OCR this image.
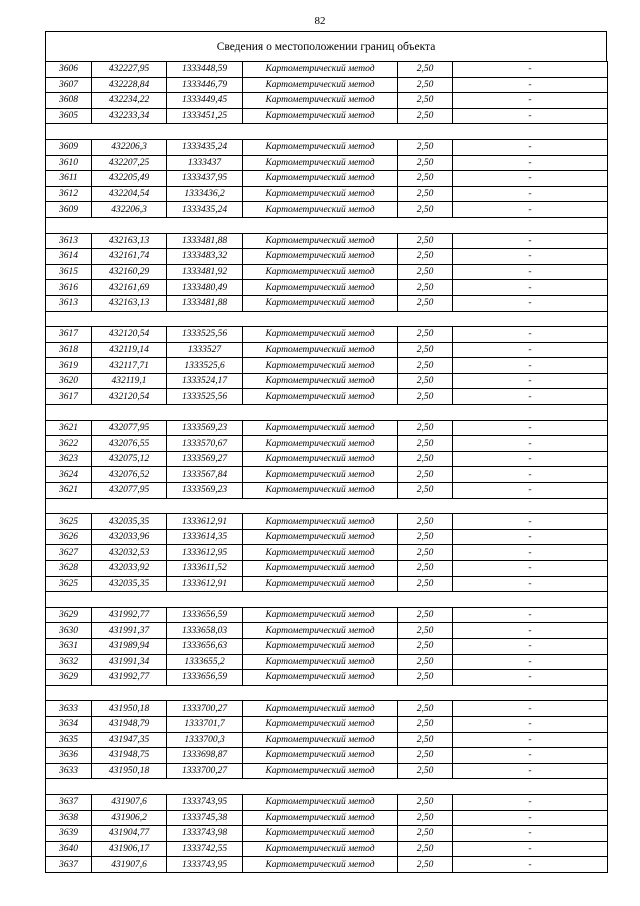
82
Сведения о местоположении границ объекта
3606	432227,95	1333448,59	Картометрический метод	2,50	-
3607	432228,84	1333446,79	Картометрический метод	2,50	-
3608	432234,22	1333449,45	Картометрический метод	2,50	-
3605	432233,34	1333451,25	Картометрический метод	2,50	-

3609	432206,3	1333435,24	Картометрический метод	2,50	-
3610	432207,25	1333437	Картометрический метод	2,50	-
3611	432205,49	1333437,95	Картометрический метод	2,50	-
3612	432204,54	1333436,2	Картометрический метод	2,50	-
3609	432206,3	1333435,24	Картометрический метод	2,50	-

3613	432163,13	1333481,88	Картометрический метод	2,50	-
3614	432161,74	1333483,32	Картометрический метод	2,50	-
3615	432160,29	1333481,92	Картометрический метод	2,50	-
3616	432161,69	1333480,49	Картометрический метод	2,50	-
3613	432163,13	1333481,88	Картометрический метод	2,50	-

3617	432120,54	1333525,56	Картометрический метод	2,50	-
3618	432119,14	1333527	Картометрический метод	2,50	-
3619	432117,71	1333525,6	Картометрический метод	2,50	-
3620	432119,1	1333524,17	Картометрический метод	2,50	-
3617	432120,54	1333525,56	Картометрический метод	2,50	-

3621	432077,95	1333569,23	Картометрический метод	2,50	-
3622	432076,55	1333570,67	Картометрический метод	2,50	-
3623	432075,12	1333569,27	Картометрический метод	2,50	-
3624	432076,52	1333567,84	Картометрический метод	2,50	-
3621	432077,95	1333569,23	Картометрический метод	2,50	-

3625	432035,35	1333612,91	Картометрический метод	2,50	-
3626	432033,96	1333614,35	Картометрический метод	2,50	-
3627	432032,53	1333612,95	Картометрический метод	2,50	-
3628	432033,92	1333611,52	Картометрический метод	2,50	-
3625	432035,35	1333612,91	Картометрический метод	2,50	-

3629	431992,77	1333656,59	Картометрический метод	2,50	-
3630	431991,37	1333658,03	Картометрический метод	2,50	-
3631	431989,94	1333656,63	Картометрический метод	2,50	-
3632	431991,34	1333655,2	Картометрический метод	2,50	-
3629	431992,77	1333656,59	Картометрический метод	2,50	-

3633	431950,18	1333700,27	Картометрический метод	2,50	-
3634	431948,79	1333701,7	Картометрический метод	2,50	-
3635	431947,35	1333700,3	Картометрический метод	2,50	-
3636	431948,75	1333698,87	Картометрический метод	2,50	-
3633	431950,18	1333700,27	Картометрический метод	2,50	-

3637	431907,6	1333743,95	Картометрический метод	2,50	-
3638	431906,2	1333745,38	Картометрический метод	2,50	-
3639	431904,77	1333743,98	Картометрический метод	2,50	-
3640	431906,17	1333742,55	Картометрический метод	2,50	-
3637	431907,6	1333743,95	Картометрический метод	2,50	-
